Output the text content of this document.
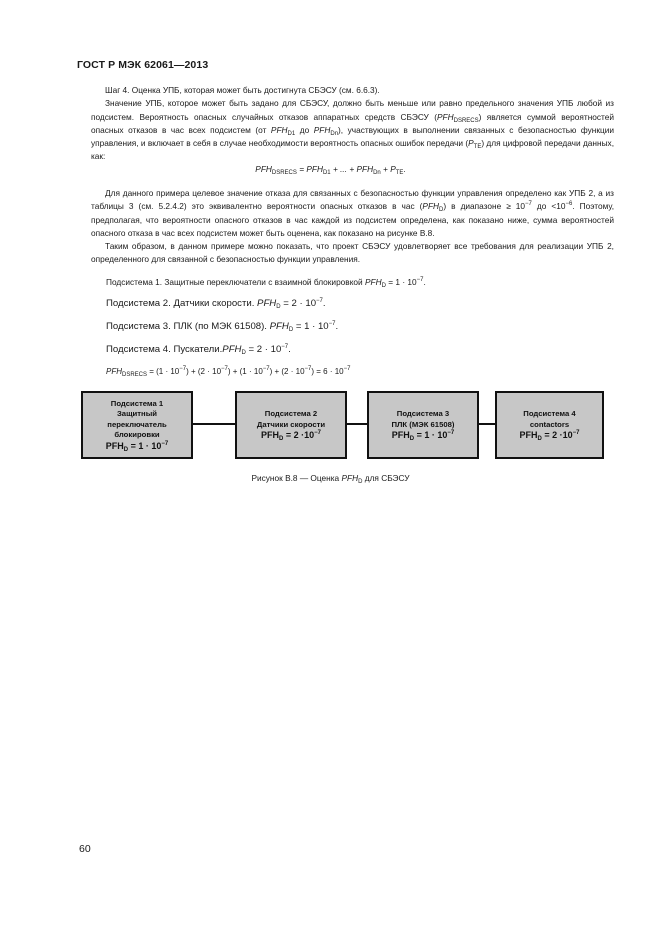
ГОСТ Р МЭК 62061—2013

Шаг 4. Оценка УПБ, которая может быть достигнута СБЭСУ (см. 6.6.3).

Значение УПБ, которое может быть задано для СБЭСУ, должно быть меньше или равно предельного значения УПБ любой из подсистем. Вероятность опасных случайных отказов аппаратных средств СБЭСУ $(PFH_{DSRECS})$ является суммой вероятностей опасных отказов в час всех подсистем (от $PFH_{D1}$ до $PFH_{Dn}$), участвующих в выполнении связанных с безопасностью функции управления, и включает в себя в случае необходимости вероятность опасных ошибок передачи $(P_{TE})$ для цифровой передачи данных, как:

$PFH_{DSRECS} = PFH_{D1}$ + ... + $PFH_{Dn} + P_{TE}$.

Для данного примера целевое значение отказа для связанных с безопасностью функции управления определено как УПБ 2, а из таблицы 3 (см. 5.2.4.2) это эквивалентно вероятности опасных отказов в час $(PFH_D)$ в диапазоне ≥ $10^{-7}$ до $<10^{-6}$. Поэтому, предполагая, что вероятности опасного отказов в час каждой из подсистем определена, как показано ниже, сумма вероятностей опасного отказа в час всех подсистем может быть оценена, как показано на рисунке В.8.

Таким образом, в данном примере можно показать, что проект СБЭСУ удовлетворяет все требования для реализации УПБ 2, определенного для связанной с безопасностью функции управления.

Подсистема 1. Защитные переключатели с взаимной блокировкой $PFH_D = 1 \cdot 10^{-7}$.
Подсистема 2. Датчики скорости. $PFH_D = 2 \cdot 10^{-7}$.
Подсистема 3. ПЛК (по МЭК 61508). $PFH_D = 1 \cdot 10^{-7}$.
Подсистема 4. $Пускатели.PFH_D = 2 \cdot 10^{-7}$.
$PFH_{DSRECS} = (1 \cdot 10^{-7}) + (2 \cdot 10^{-7}) + (1 \cdot 10^{-7}) + (2 \cdot 10^{-7}) = 6 \cdot 10^{-7}$
Подсистема 1
Защитный
переключатель
блокировки
$PFH_D = 1 \cdot 10^{-7}$
Подсистема 2
Датчики скорости
$PFH_D = 2 \cdot 10^{-7}$
Подсистема 3
ПЛК (МЭК 61508)
$PFH_D = 1 \cdot 10^{-7}$
Подсистема 4
contactors
$PFH_D = 2 \cdot 10^{-7}$
Рисунок В.8 — Оценка $PFH_D$ для СБЭСУ
60
